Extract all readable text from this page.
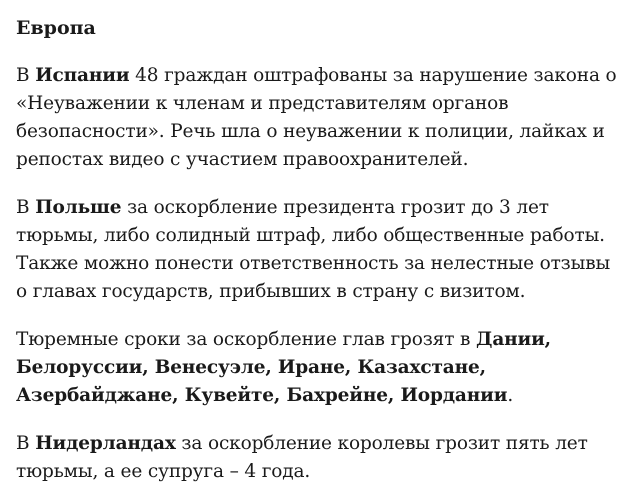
Европа

В Испании 48 граждан оштрафованы за нарушение закона о «Неуважении к членам и представителям органов безопасности». Речь шла о неуважении к полиции, лайках и репостах видео с участием правоохранителей.

В Польше за оскорбление президента грозит до 3 лет тюрьмы, либо солидный штраф, либо общественные работы. Также можно понести ответственность за нелестные отзывы о главах государств, прибывших в страну с визитом.

Тюремные сроки за оскорбление глав грозят в Дании, Белоруссии, Венесуэле, Иране, Казахстане, Азербайджане, Кувейте, Бахрейне, Иордании.

В Нидерландах за оскорбление королевы грозит пять лет тюрьмы, а ее супруга – 4 года.
